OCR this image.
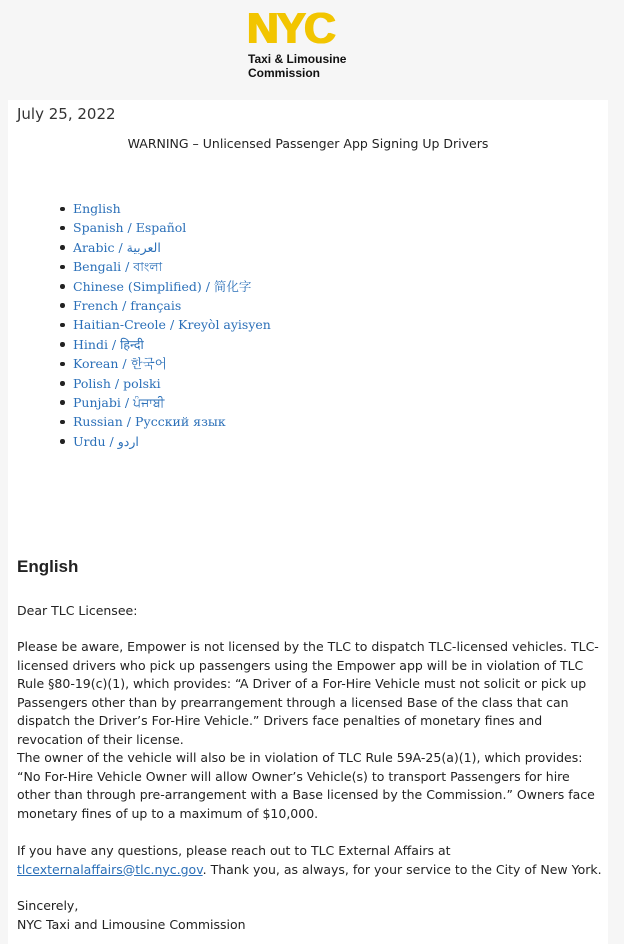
NYC
Taxi & Limousine
Commission
July 25, 2022
WARNING – Unlicensed Passenger App Signing Up Drivers
English
Spanish / Español
Arabic / العربية
Bengali / বাংলা
Chinese (Simplified) / 简化字
French / français
Haitian-Creole / Kreyòl ayisyen
Hindi / हिन्दी
Korean / 한국어
Polish / polski
Punjabi / ਪੰਜਾਬੀ
Russian / Русский язык
Urdu / اردو
English
Dear TLC Licensee:
Please be aware, Empower is not licensed by the TLC to dispatch TLC-licensed vehicles. TLC-licensed drivers who pick up passengers using the Empower app will be in violation of TLC Rule §80-19(c)(1), which provides: “A Driver of a For-Hire Vehicle must not solicit or pick up Passengers other than by prearrangement through a licensed Base of the class that can dispatch the Driver’s For-Hire Vehicle.” Drivers face penalties of monetary fines and revocation of their license.
The owner of the vehicle will also be in violation of TLC Rule 59A-25(a)(1), which provides: “No For-Hire Vehicle Owner will allow Owner’s Vehicle(s) to transport Passengers for hire other than through pre-arrangement with a Base licensed by the Commission.” Owners face monetary fines of up to a maximum of $10,000.
If you have any questions, please reach out to TLC External Affairs at tlcexternalaffairs@tlc.nyc.gov. Thank you, as always, for your service to the City of New York.
Sincerely,
NYC Taxi and Limousine Commission
